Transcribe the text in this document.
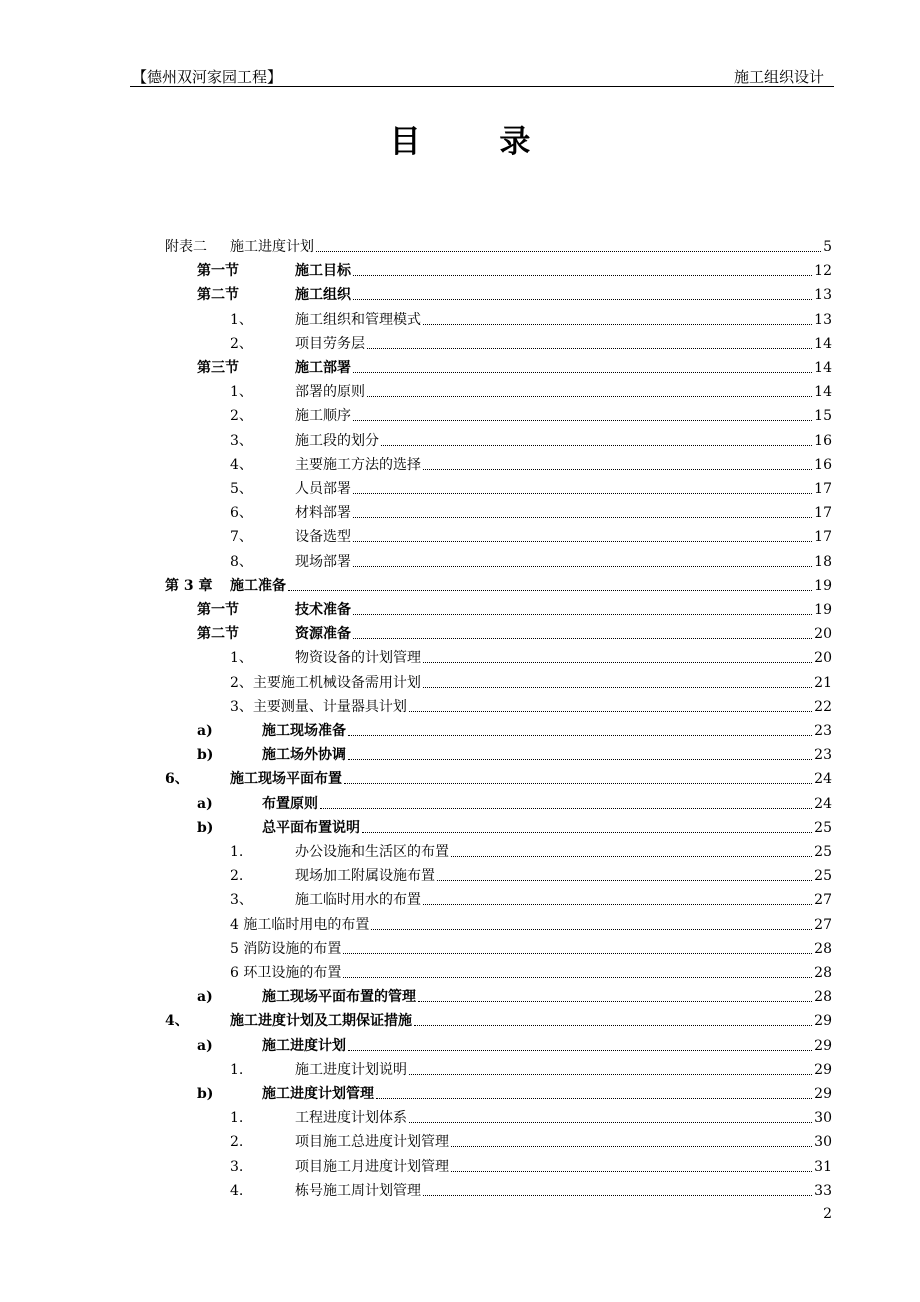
【德州双河家园工程】	施工组织设计
目 录
附表二	施工进度计划	5
第一节	施工目标	12
第二节	施工组织	13
1、	施工组织和管理模式	13
2、	项目劳务层	14
第三节	施工部署	14
1、	部署的原则	14
2、	施工顺序	15
3、	施工段的划分	16
4、	主要施工方法的选择	16
5、	人员部署	17
6、	材料部署	17
7、	设备选型	17
8、	现场部署	18
第 3 章	施工准备	19
第一节	技术准备	19
第二节	资源准备	20
1、	物资设备的计划管理	20
2、主要施工机械设备需用计划	21
3、主要测量、计量器具计划	22
a)	施工现场准备	23
b)	施工场外协调	23
6、	施工现场平面布置	24
a)	布置原则	24
b)	总平面布置说明	25
1.	办公设施和生活区的布置	25
2.	现场加工附属设施布置	25
3、	施工临时用水的布置	27
4 施工临时用电的布置	27
5 消防设施的布置	28
6 环卫设施的布置	28
a)	施工现场平面布置的管理	28
4、	施工进度计划及工期保证措施	29
a)	施工进度计划	29
1.	施工进度计划说明	29
b)	施工进度计划管理	29
1.	工程进度计划体系	30
2.	项目施工总进度计划管理	30
3.	项目施工月进度计划管理	31
4.	栋号施工周计划管理	33
2
